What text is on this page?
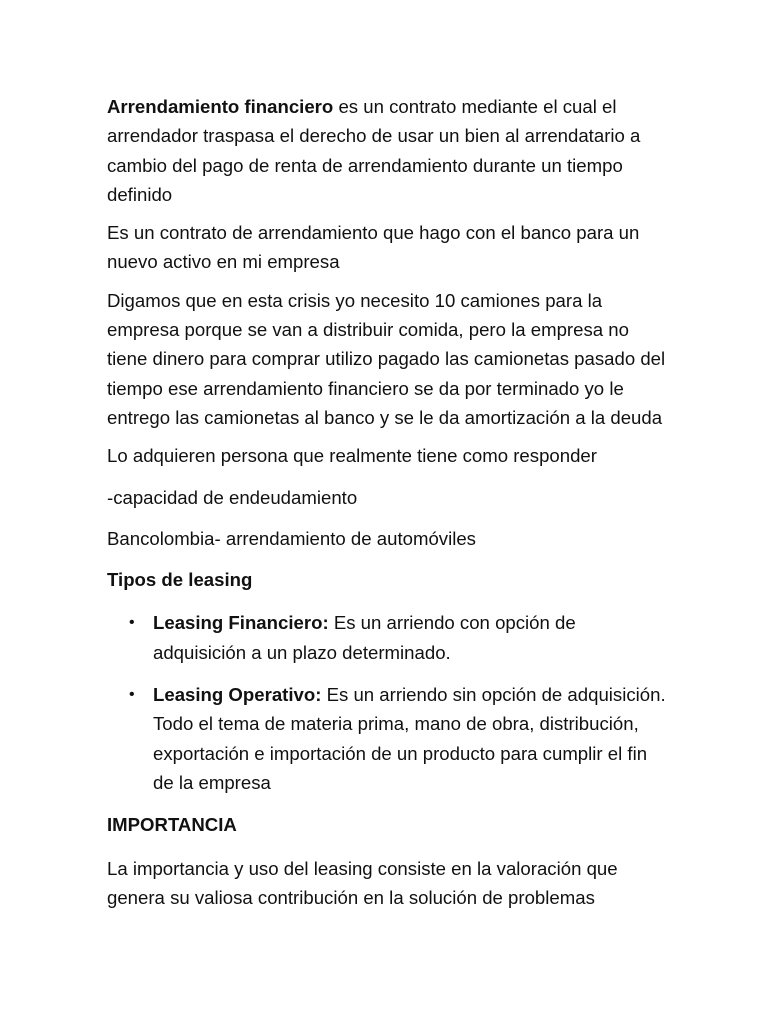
Arrendamiento financiero es un contrato mediante el cual el arrendador traspasa el derecho de usar un bien al arrendatario a cambio del pago de renta de arrendamiento durante un tiempo definido

Es un contrato de arrendamiento que hago con el banco para un nuevo activo en mi empresa

Digamos que en esta crisis yo necesito 10 camiones para la empresa porque se van a distribuir comida, pero la empresa no tiene dinero para comprar utilizo pagado las camionetas pasado del tiempo ese arrendamiento financiero se da por terminado yo le entrego las camionetas al banco y se le da amortización a la deuda

Lo adquieren persona que realmente tiene como responder

-capacidad de endeudamiento

Bancolombia- arrendamiento de automóviles

Tipos de leasing

• Leasing Financiero: Es un arriendo con opción de adquisición a un plazo determinado.
• Leasing Operativo: Es un arriendo sin opción de adquisición. Todo el tema de materia prima, mano de obra, distribución, exportación e importación de un producto para cumplir el fin de la empresa

IMPORTANCIA

La importancia y uso del leasing consiste en la valoración que genera su valiosa contribución en la solución de problemas
